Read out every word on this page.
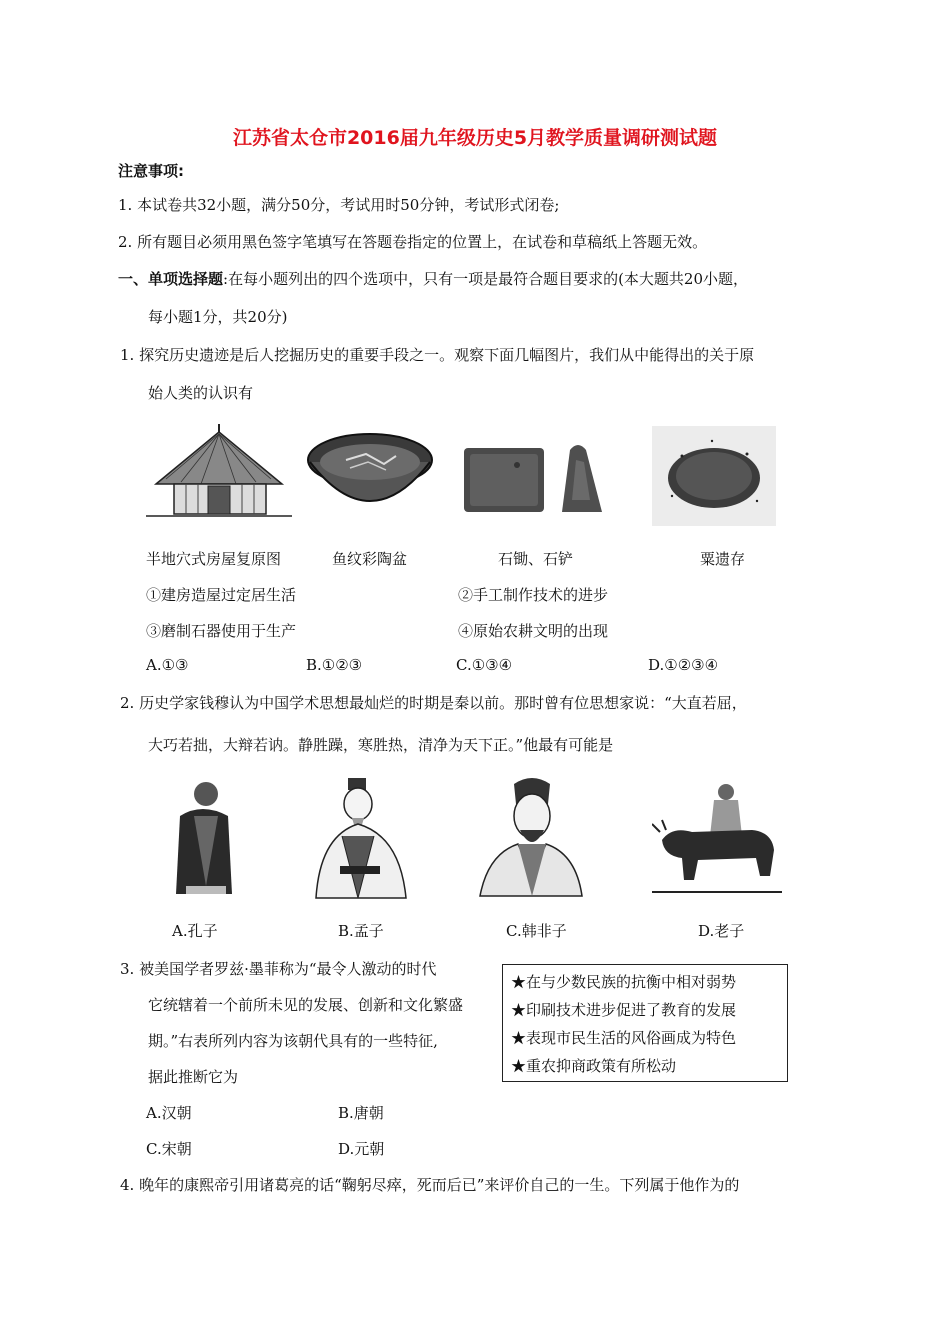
江苏省太仓市2016届九年级历史5月教学质量调研测试题
注意事项:
1. 本试卷共32小题，满分50分，考试用时50分钟，考试形式闭卷;
2. 所有题目必须用黑色签字笔填写在答题卷指定的位置上，在试卷和草稿纸上答题无效。
一、单项选择题:在每小题列出的四个选项中，只有一项是最符合题目要求的(本大题共20小题，
每小题1分，共20分)
1. 探究历史遗迹是后人挖掘历史的重要手段之一。观察下面几幅图片，我们从中能得出的关于原
始人类的认识有
半地穴式房屋复原图	鱼纹彩陶盆	石锄、石铲	粟遗存
①建房造屋过定居生活	②手工制作技术的进步
③磨制石器使用于生产	④原始农耕文明的出现
A.①③	B.①②③	C.①③④	D.①②③④
2. 历史学家钱穆认为中国学术思想最灿烂的时期是秦以前。那时曾有位思想家说：“大直若屈，
大巧若拙，大辩若讷。静胜躁，寒胜热，清净为天下正。”他最有可能是
A.孔子	B.孟子	C.韩非子	D.老子
3. 被美国学者罗兹·墨菲称为“最令人激动的时代
它统辖着一个前所未见的发展、创新和文化繁盛
期。”右表所列内容为该朝代具有的一些特征,
据此推断它为
★在与少数民族的抗衡中相对弱势
★印刷技术进步促进了教育的发展
★表现市民生活的风俗画成为特色
★重农抑商政策有所松动
A.汉朝	B.唐朝
C.宋朝	D.元朝
4. 晚年的康熙帝引用诸葛亮的话“鞠躬尽瘁，死而后已”来评价自己的一生。下列属于他作为的
